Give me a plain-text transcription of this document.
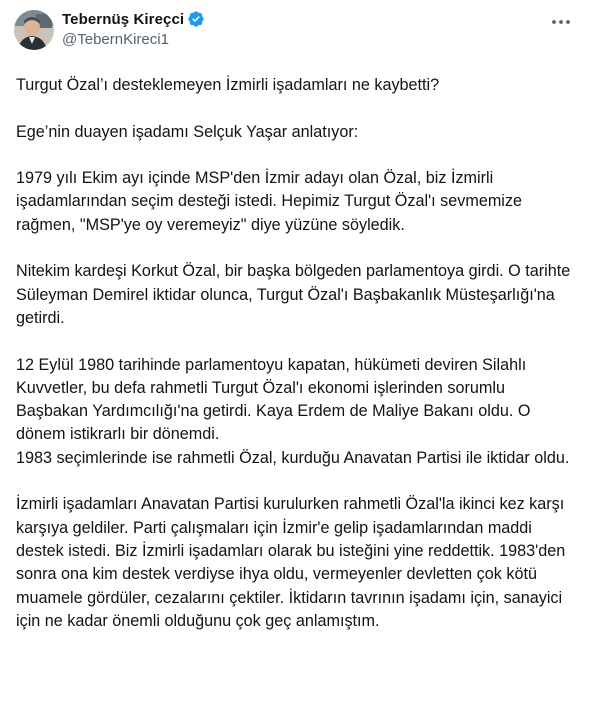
Tebernüş Kireçci
@TebernKireci1

Turgut Özal’ı desteklemeyen İzmirli işadamları ne kaybetti?

Ege’nin duayen işadamı Selçuk Yaşar anlatıyor:

1979 yılı Ekim ayı içinde MSP'den İzmir adayı olan Özal, biz İzmirli işadamlarından seçim desteği istedi. Hepimiz Turgut Özal'ı sevmemize rağmen, "MSP'ye oy veremeyiz" diye yüzüne söyledik.

Nitekim kardeşi Korkut Özal, bir başka bölgeden parlamentoya girdi. O tarihte Süleyman Demirel iktidar olunca, Turgut Özal'ı Başbakanlık Müsteşarlığı'na getirdi.

12 Eylül 1980 tarihinde parlamentoyu kapatan, hükümeti deviren Silahlı Kuvvetler, bu defa rahmetli Turgut Özal'ı ekonomi işlerinden sorumlu Başbakan Yardımcılığı'na getirdi. Kaya Erdem de Maliye Bakanı oldu. O dönem istikrarlı bir dönemdi.
1983 seçimlerinde ise rahmetli Özal, kurduğu Anavatan Partisi ile iktidar oldu.

İzmirli işadamları Anavatan Partisi kurulurken rahmetli Özal'la ikinci kez karşı karşıya geldiler. Parti çalışmaları için İzmir'e gelip işadamlarından maddi destek istedi. Biz İzmirli işadamları olarak bu isteğini yine reddettik. 1983'den sonra ona kim destek verdiyse ihya oldu, vermeyenler devletten çok kötü muamele gördüler, cezalarını çektiler. İktidarın tavrının işadamı için, sanayici için ne kadar önemli olduğunu çok geç anlamıştım.
